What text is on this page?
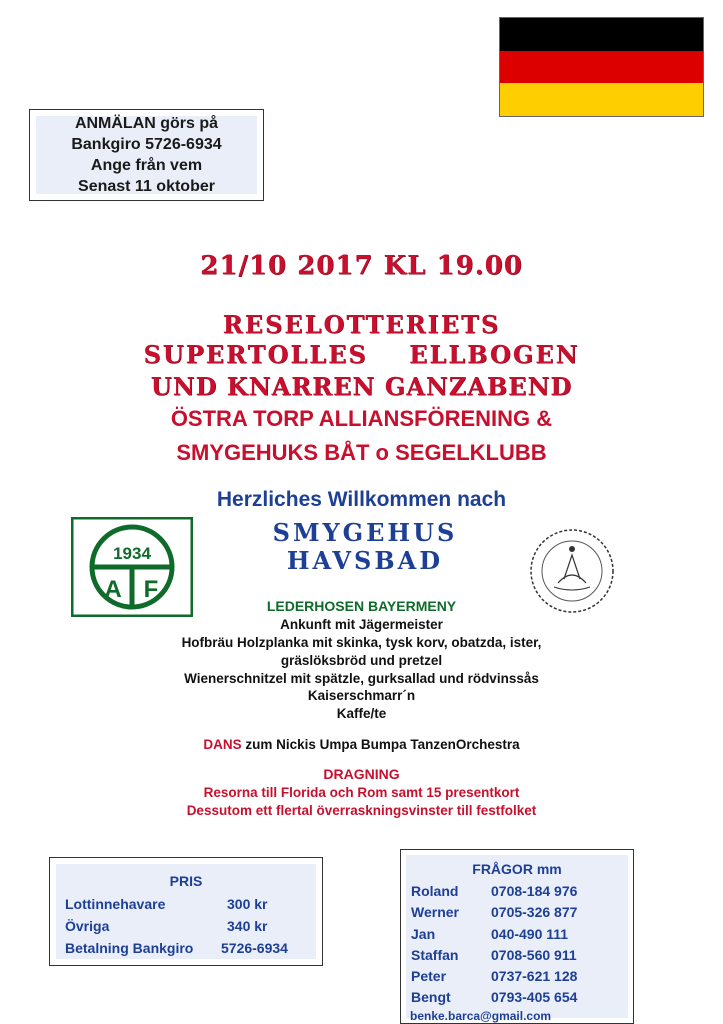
ANMÄLAN görs på
Bankgiro 5726-6934
Ange från vem
Senast 11 oktober
21/10 2017 KL 19.00
RESELOTTERIETS
SUPERTOLLES    ELLBOGEN
UND KNARREN GANZABEND
ÖSTRA TORP ALLIANSFÖRENING &
SMYGEHUKS BÅT o SEGELKLUBB
Herzliches Willkommen nach
SMYGEHUS
HAVSBAD
1934
A F
LEDERHOSEN BAYERMENY
Ankunft mit Jägermeister
Hofbräu Holzplanka mit skinka, tysk korv, obatzda, ister,
gräslöksbröd und pretzel
Wienerschnitzel mit spätzle, gurksallad und rödvinssås
Kaiserschmarr´n
Kaffe/te
DANS zum Nickis Umpa Bumpa TanzenOrchestra
DRAGNING
Resorna till Florida och Rom samt 15 presentkort
Dessutom ett flertal överraskningsvinster till festfolket
PRIS
Lottinnehavare	300 kr
Övriga	340 kr
Betalning Bankgiro 5726-6934
FRÅGOR mm
Roland 0708-184 976
Werner 0705-326 877
Jan	040-490 111
Staffan 0708-560 911
Peter	0737-621 128
Bengt	0793-405 654
benke.barca@gmail.com
